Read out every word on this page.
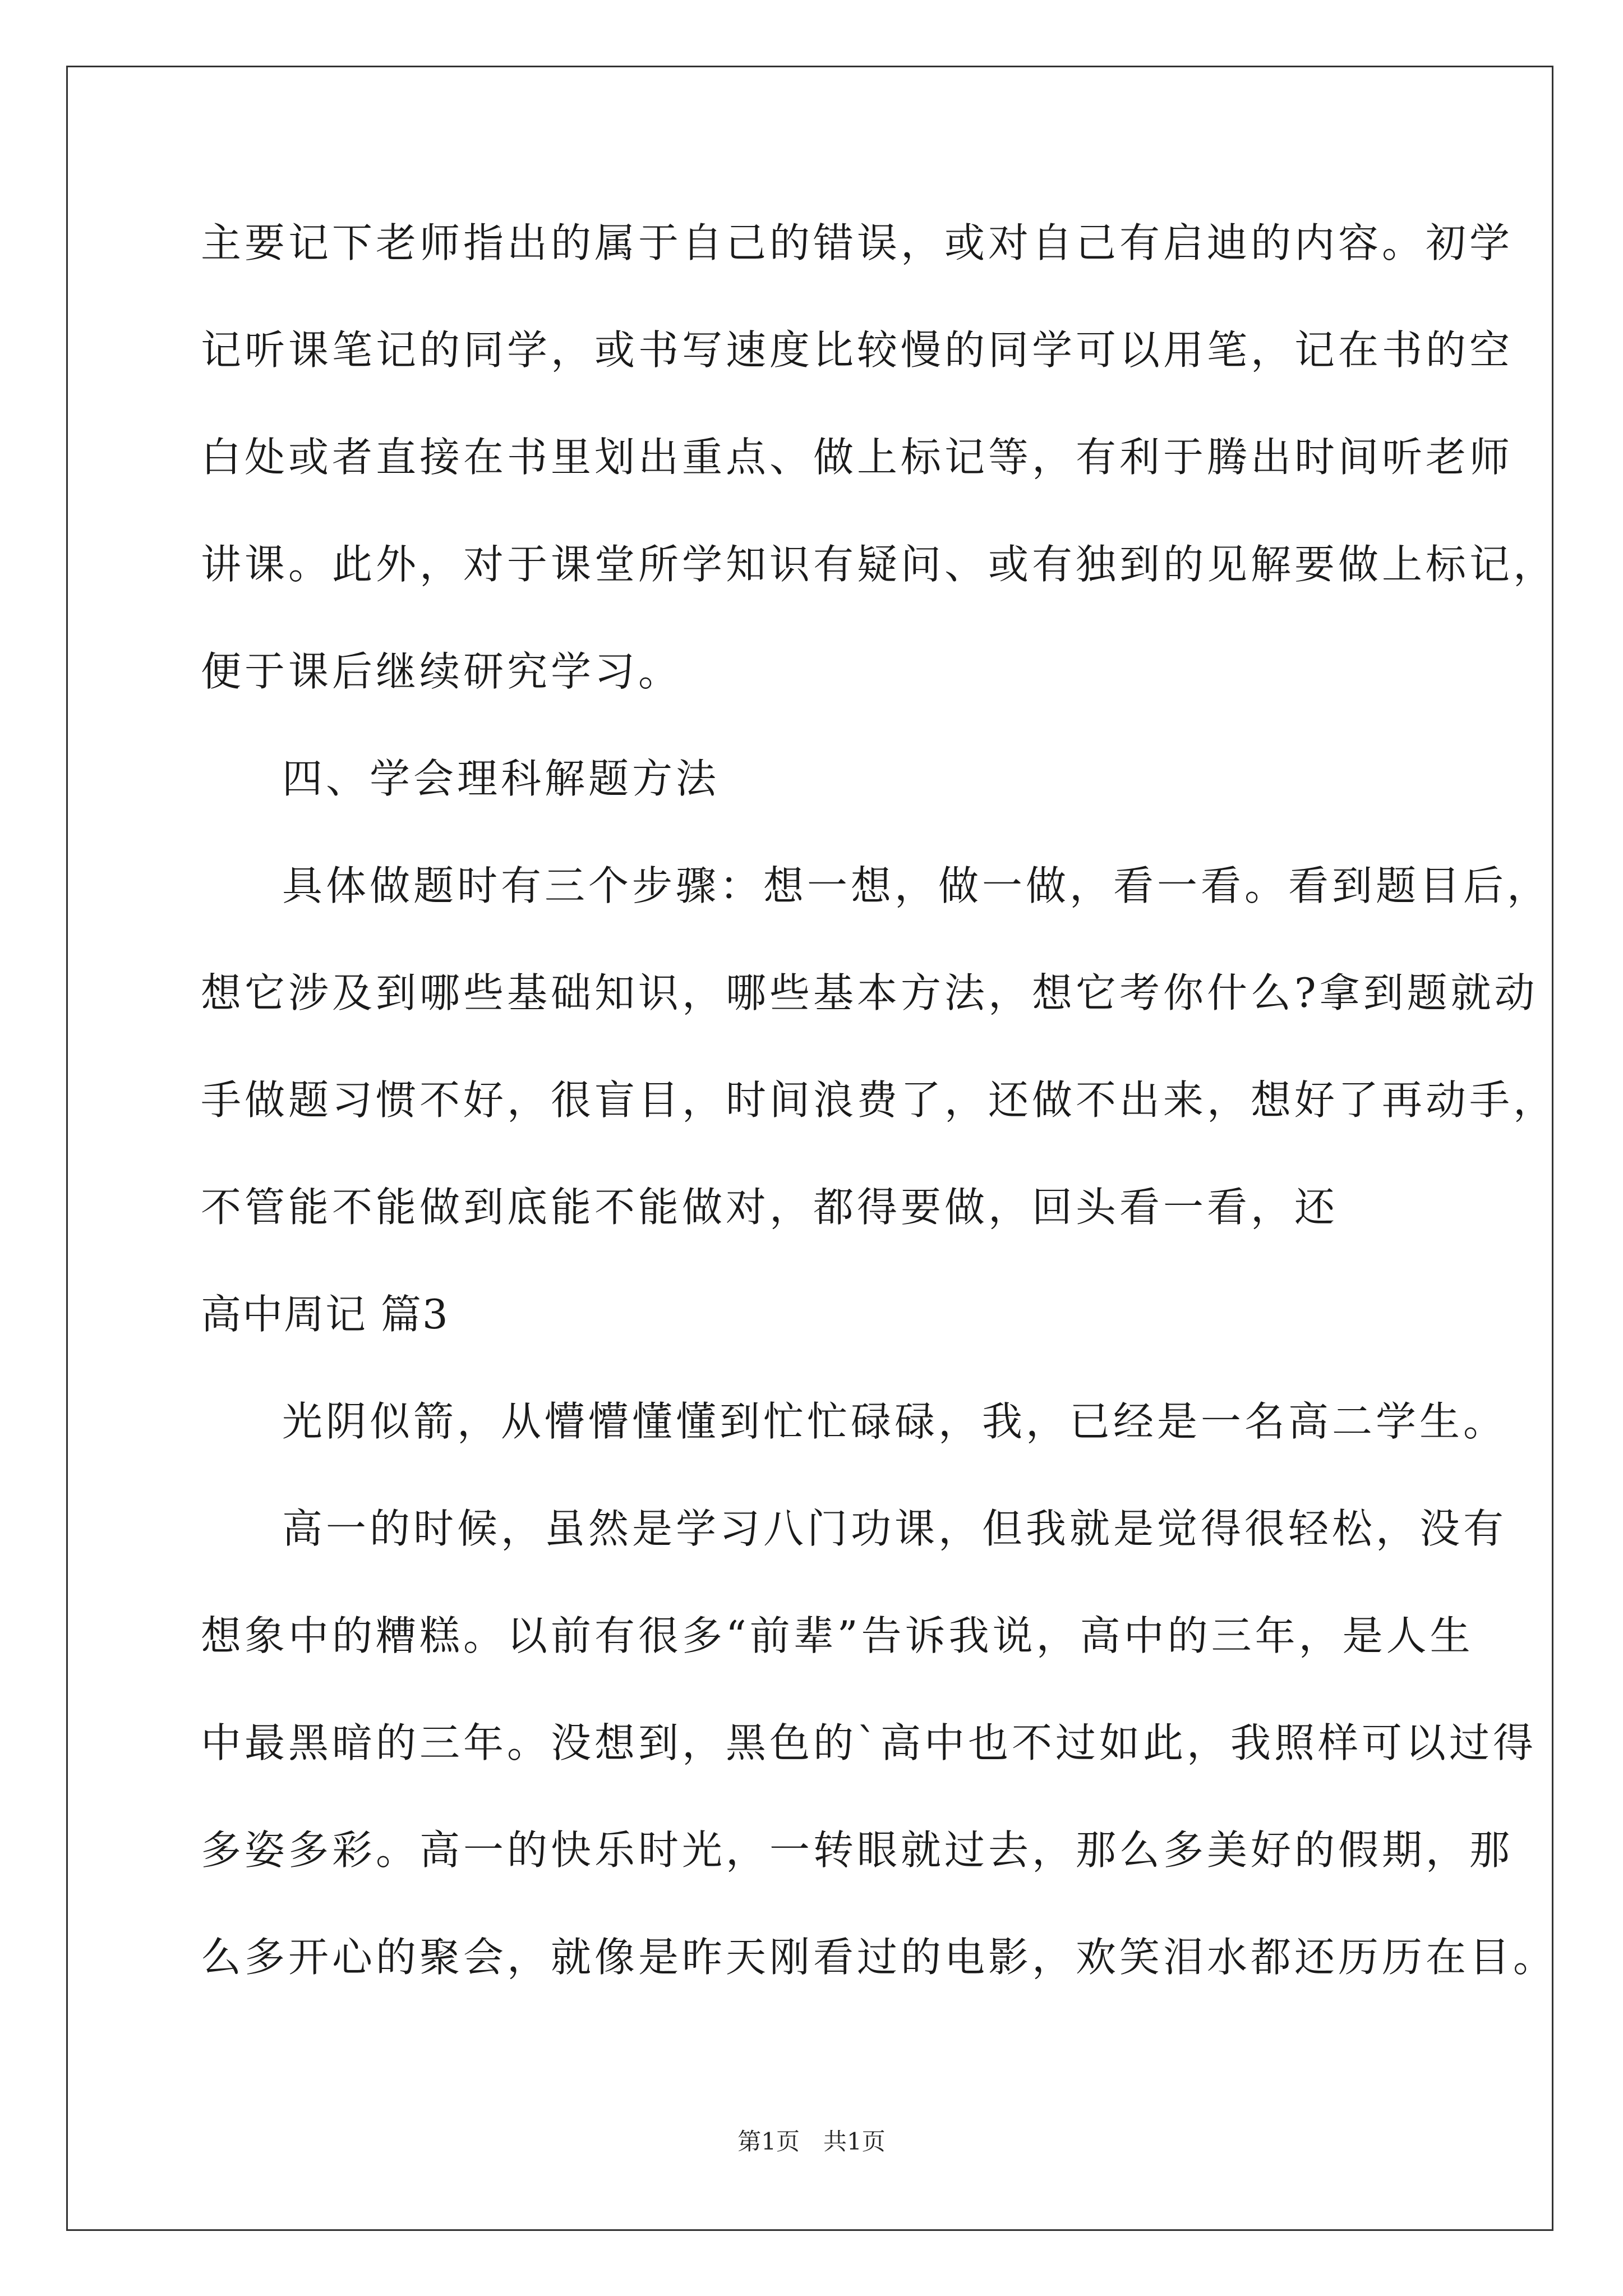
主要记下老师指出的属于自己的错误，或对自己有启迪的内容。初学
记听课笔记的同学，或书写速度比较慢的同学可以用笔，记在书的空
白处或者直接在书里划出重点、做上标记等，有利于腾出时间听老师
讲课。此外，对于课堂所学知识有疑问、或有独到的见解要做上标记，
便于课后继续研究学习。
四、学会理科解题方法
具体做题时有三个步骤：想一想，做一做，看一看。看到题目后，
想它涉及到哪些基础知识，哪些基本方法，想它考你什么?拿到题就动
手做题习惯不好，很盲目，时间浪费了，还做不出来，想好了再动手，
不管能不能做到底能不能做对，都得要做，回头看一看，还
高中周记 篇3
光阴似箭，从懵懵懂懂到忙忙碌碌，我，已经是一名高二学生。
高一的时候，虽然是学习八门功课，但我就是觉得很轻松，没有
想象中的糟糕。以前有很多“前辈”告诉我说，高中的三年，是人生
中最黑暗的三年。没想到，黑色的`高中也不过如此，我照样可以过得
多姿多彩。高一的快乐时光，一转眼就过去，那么多美好的假期，那
么多开心的聚会，就像是昨天刚看过的电影，欢笑泪水都还历历在目。
第1页　共1页
